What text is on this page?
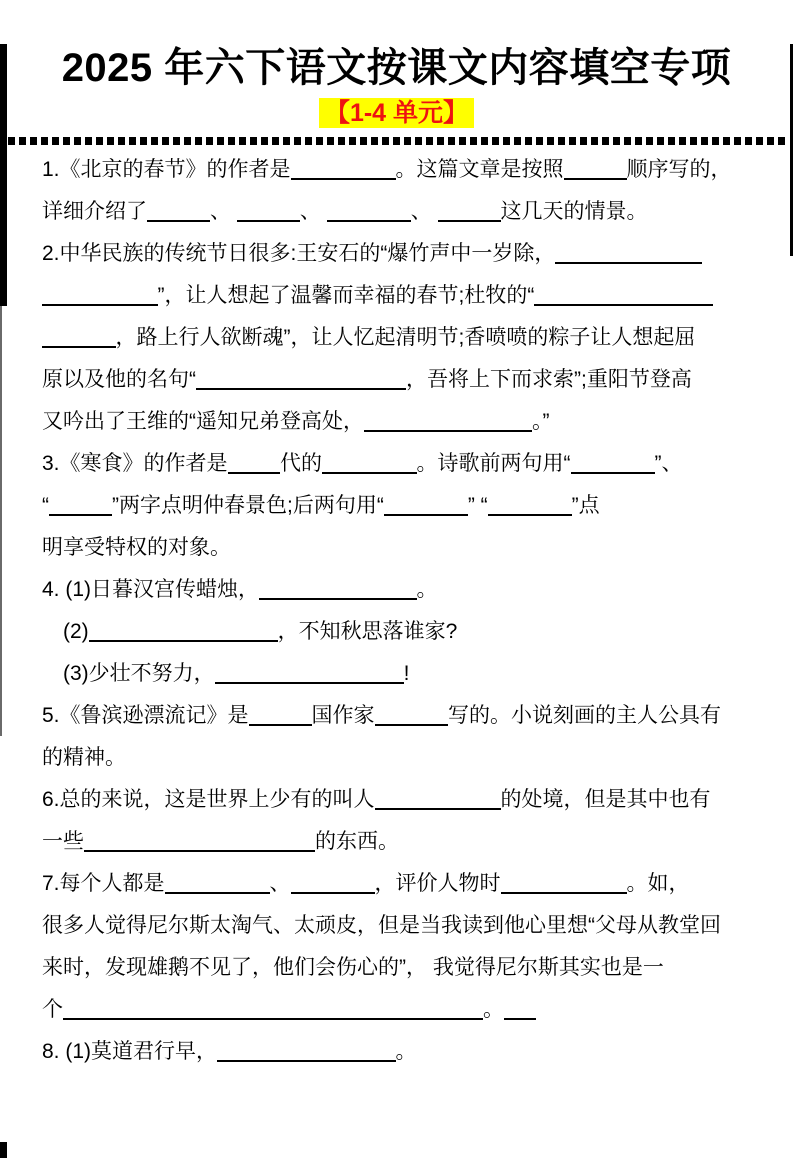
2025 年六下语文按课文内容填空专项
【1-4 单元】
1.《北京的春节》的作者是	。这篇文章是按照	顺序写的，
详细介绍了	、	、	、	这几天的情景。
2.中华民族的传统节日很多:王安石的“爆竹声中一岁除，
”，让人想起了温馨而幸福的春节;杜牧的“
，路上行人欲断魂”，让人忆起清明节;香喷喷的粽子让人想起屈
原以及他的名句“	，吾将上下而求索”;重阳节登高
又吟出了王维的“遥知兄弟登高处，	。”
3.《寒食》的作者是	代的	。诗歌前两句用“	”、
“	”两字点明仲春景色;后两句用“	” “	”点
明享受特权的对象。
4. (1)日暮汉宫传蜡烛，	。
(2)	，不知秋思落谁家?
(3)少壮不努力，	!
5.《鲁滨逊漂流记》是	国作家	写的。小说刻画的主人公具有
的精神。
6.总的来说，这是世界上少有的叫人	的处境，但是其中也有
一些	的东西。
7.每个人都是	、	，评价人物时	。如，
很多人觉得尼尔斯太淘气、太顽皮，但是当我读到他心里想“父母从教堂回
来时，发现雄鹅不见了，他们会伤心的”， 我觉得尼尔斯其实也是一
个	。
8. (1)莫道君行早，	。
